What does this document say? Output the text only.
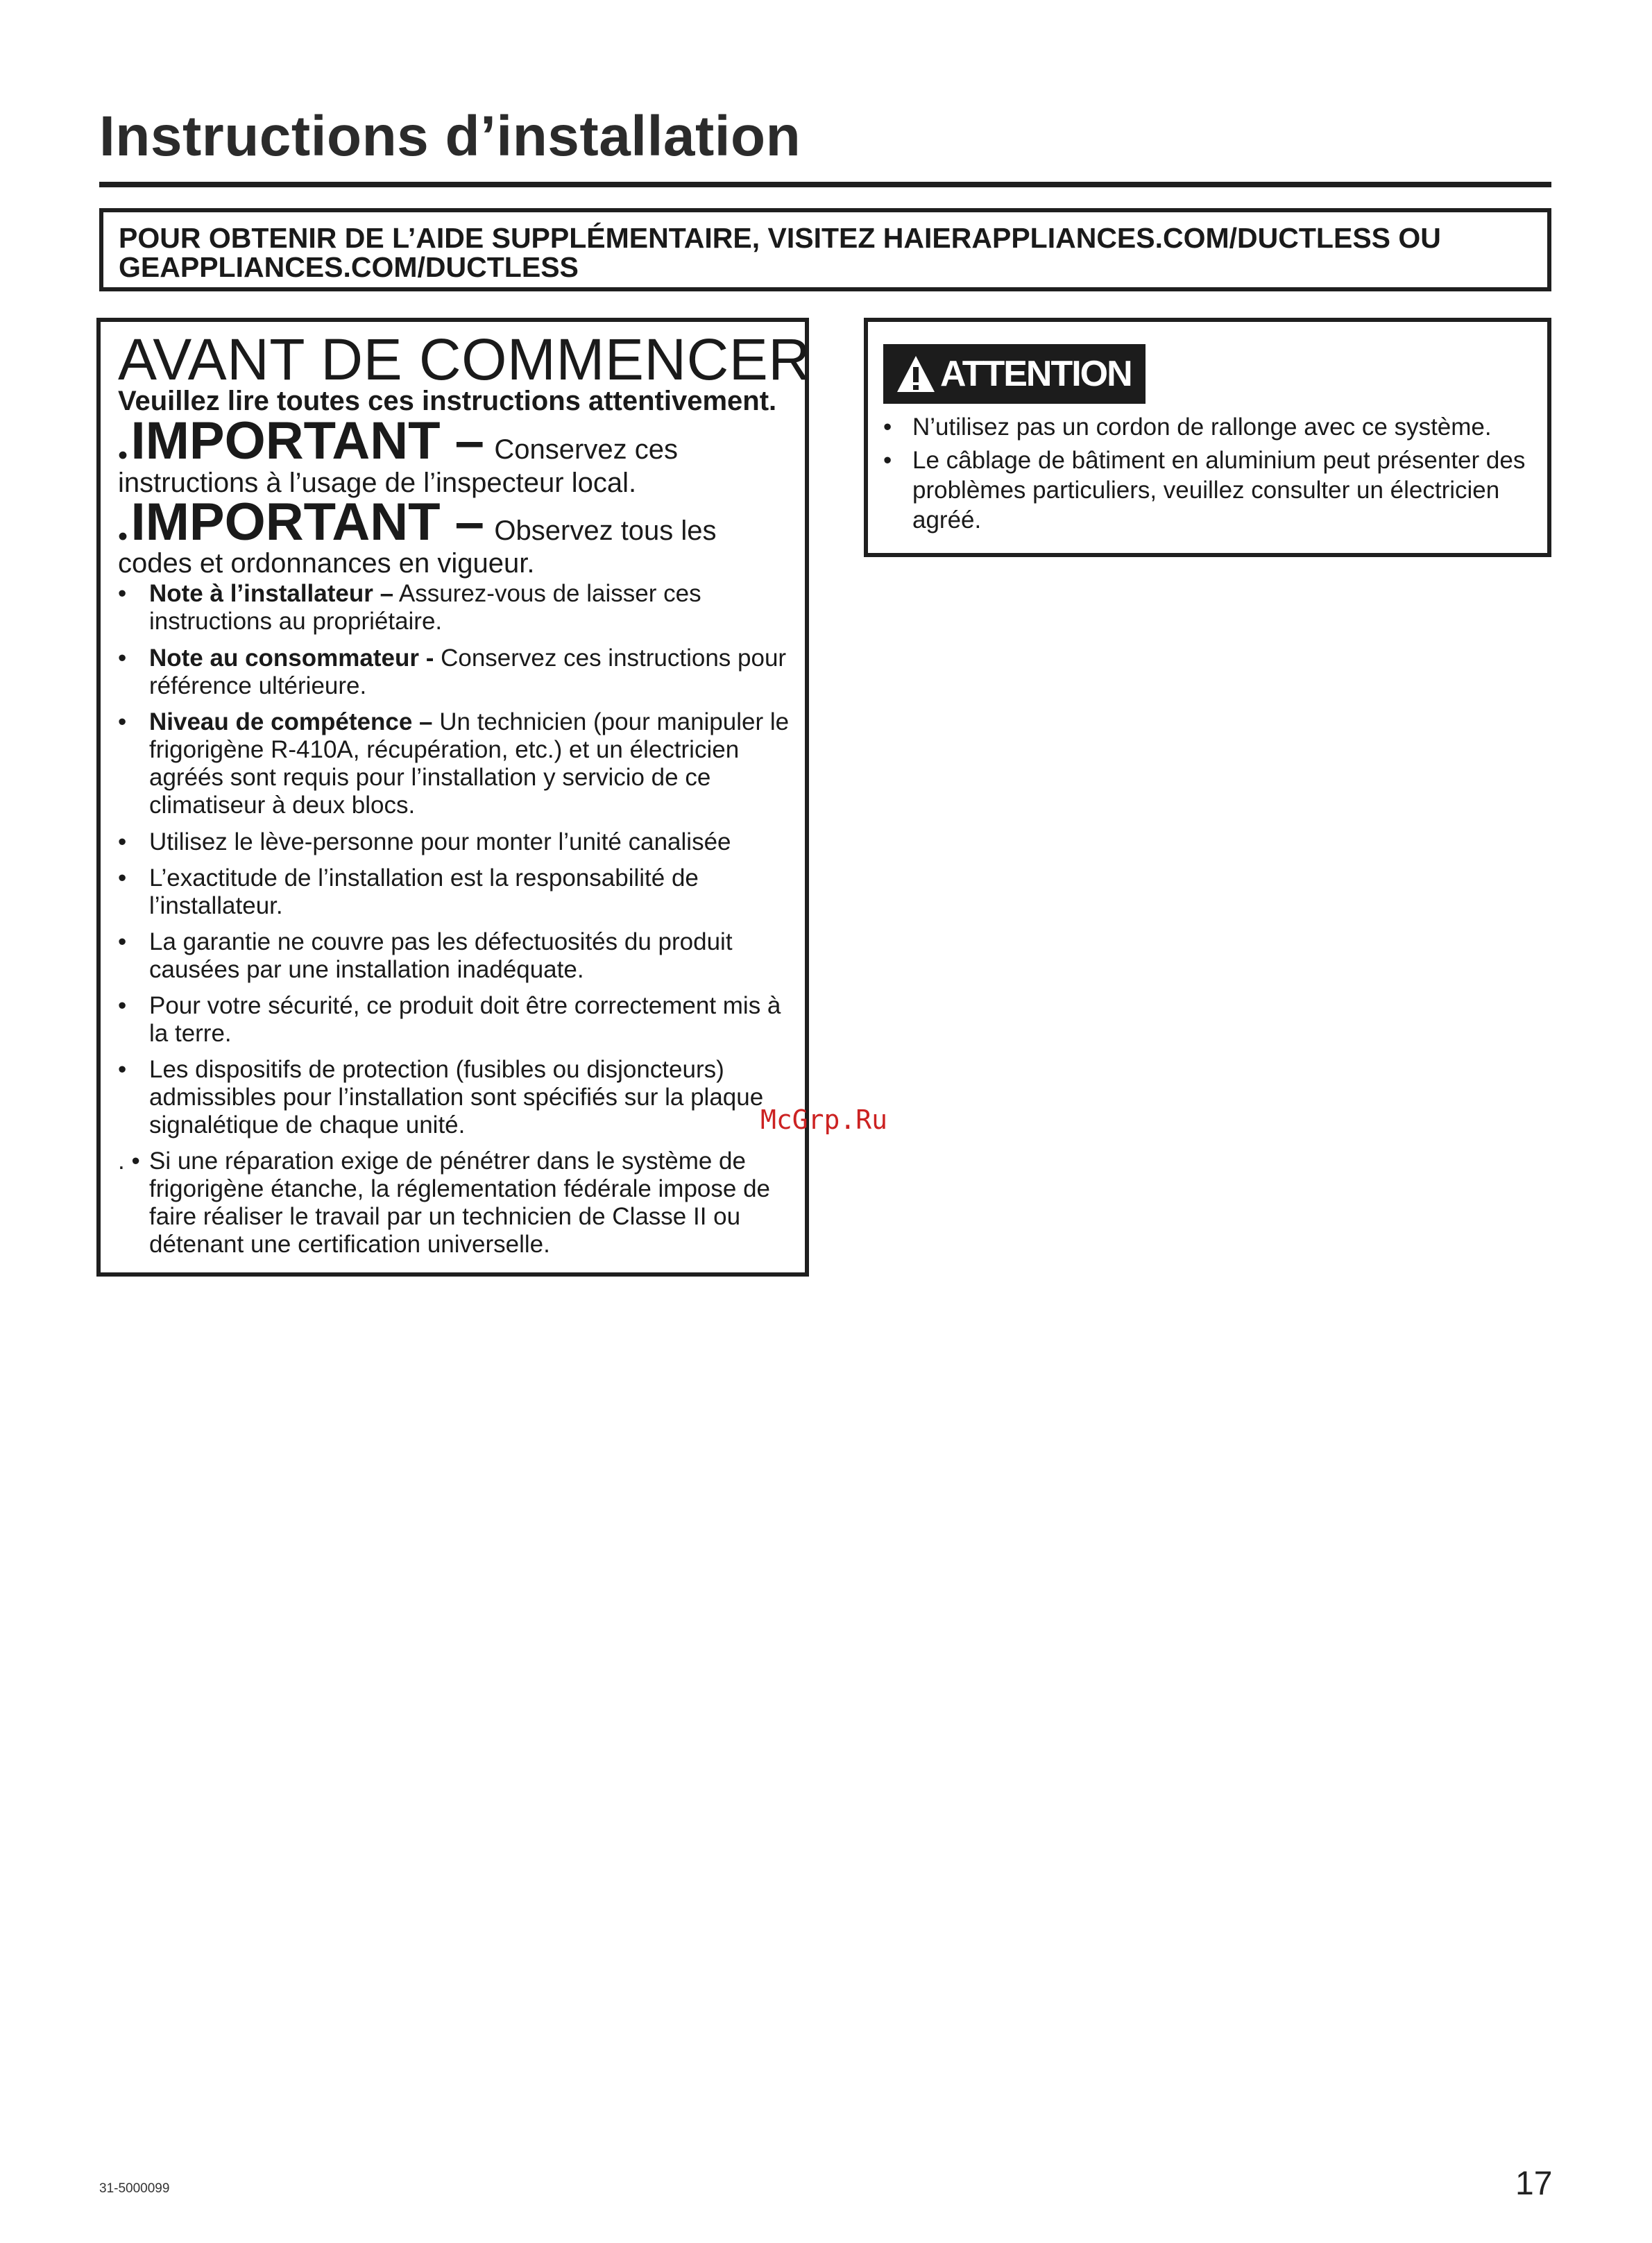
Instructions d’installation
POUR OBTENIR DE L’AIDE SUPPLÉMENTAIRE, VISITEZ HAIERAPPLIANCES.COM/DUCTLESS OU
GEAPPLIANCES.COM/DUCTLESS
AVANT DE COMMENCER
Veuillez lire toutes ces instructions attentivement.
• IMPORTANT – Conservez ces
instructions à l’usage de l’inspecteur local.
• IMPORTANT – Observez tous les
codes et ordonnances en vigueur.
• Note à l’installateur – Assurez-vous de laisser ces instructions au propriétaire.
• Note au consommateur - Conservez ces instructions pour référence ultérieure.
• Niveau de compétence – Un technicien (pour manipuler le frigorigène R-410A, récupération, etc.) et un électricien agréés sont requis pour l’installation y servicio de ce climatiseur à deux blocs.
• Utilisez le lève-personne pour monter l’unité canalisée
• L’exactitude de l’installation est la responsabilité de l’installateur.
• La garantie ne couvre pas les défectuosités du produit causées par une installation inadéquate.
• Pour votre sécurité, ce produit doit être correctement mis à la terre.
• Les dispositifs de protection (fusibles ou disjoncteurs) admissibles pour l’installation sont spécifiés sur la plaque signalétique de chaque unité.
. • Si une réparation exige de pénétrer dans le système de frigorigène étanche, la réglementation fédérale impose de faire réaliser le travail par un technicien de Classe II ou détenant une certification universelle.
ATTENTION
• N’utilisez pas un cordon de rallonge avec ce système.
• Le câblage de bâtiment en aluminium peut présenter des problèmes particuliers, veuillez consulter un électricien agréé.
McGrp.Ru
31-5000099	17
